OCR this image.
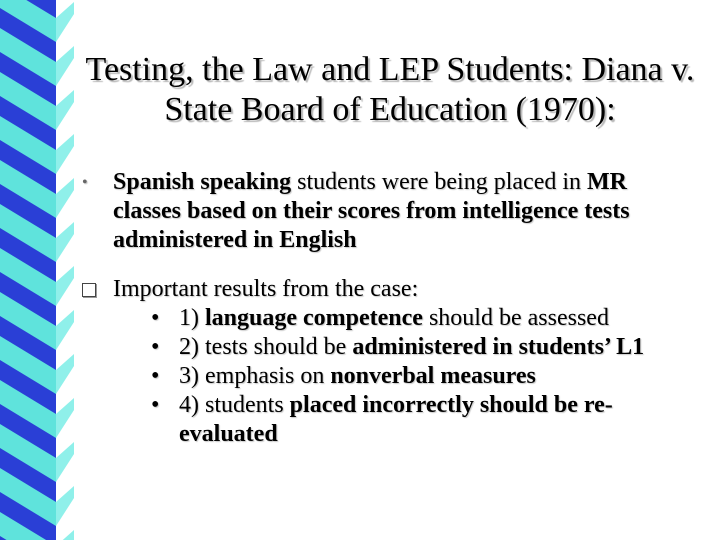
Testing, the Law and LEP Students: Diana v.
State Board of Education (1970):
• Spanish speaking students were being placed in MR classes based on their scores from intelligence tests administered in English
Important results from the case:
• 1) language competence should be assessed
• 2) tests should be administered in students’ L1
• 3) emphasis on nonverbal measures
• 4) students placed incorrectly should be re-evaluated
